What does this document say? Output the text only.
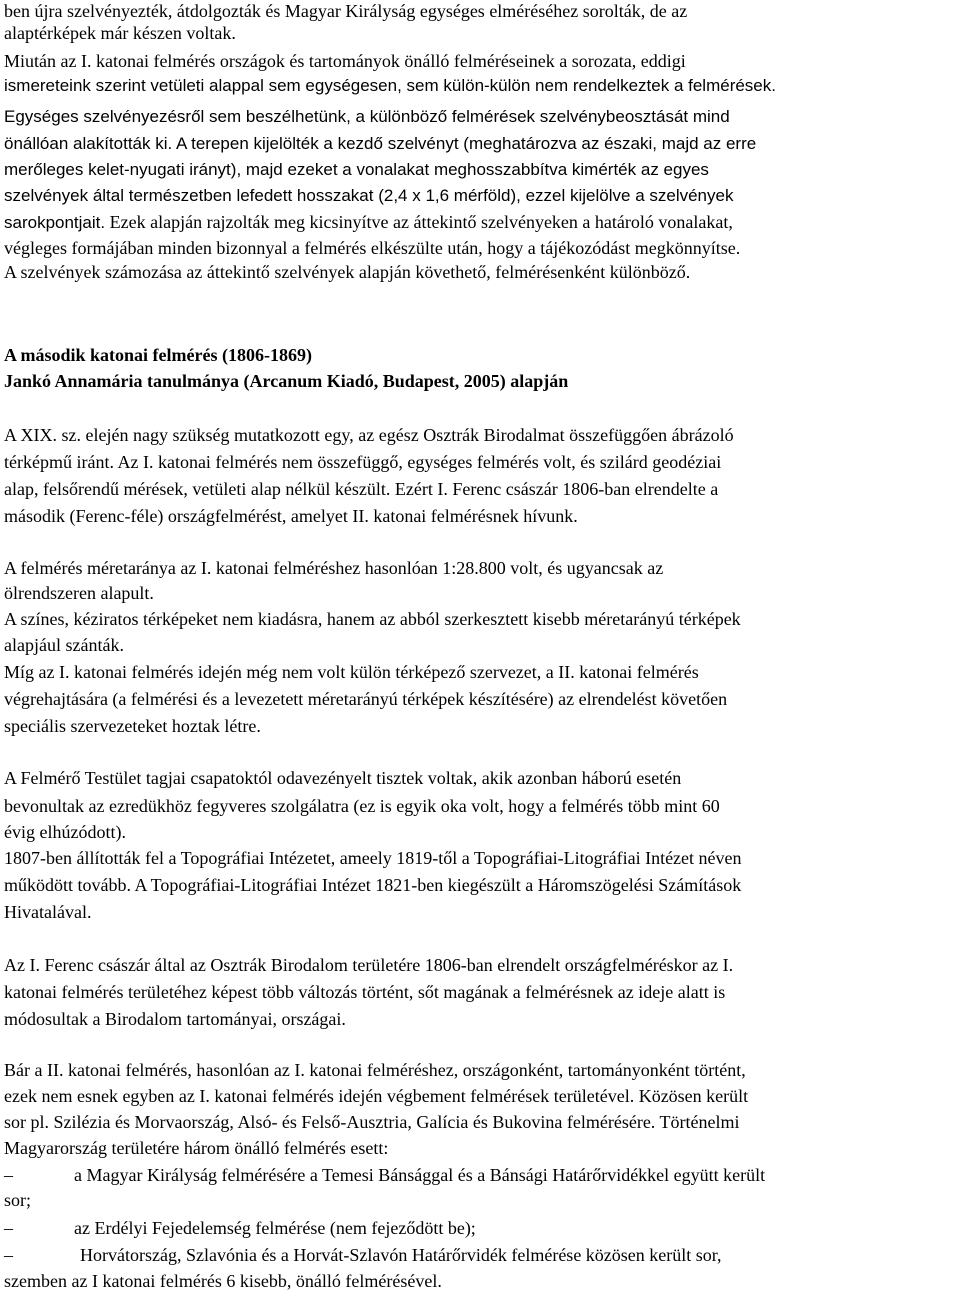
ben újra szelvényezték, átdolgozták és Magyar Királyság egységes elméréséhez sorolták, de az
alaptérképek már készen voltak.
Miután az I. katonai felmérés országok és tartományok önálló felméréseinek a sorozata, eddigi
ismereteink szerint vetületi alappal sem egységesen, sem külön-külön nem rendelkeztek a felmérések.
Egységes szelvényezésről sem beszélhetünk, a különböző felmérések szelvénybeosztását mind
önállóan alakították ki. A terepen kijelölték a kezdő szelvényt (meghatározva az északi, majd az erre
merőleges kelet-nyugati irányt), majd ezeket a vonalakat meghosszabbítva kimérték az egyes
szelvények által természetben lefedett hosszakat (2,4 x 1,6 mérföld), ezzel kijelölve a szelvények
sarokpontjait. Ezek alapján rajzolták meg kicsinyítve az áttekintő szelvényeken a határoló vonalakat,
végleges formájában minden bizonnyal a felmérés elkészülte után, hogy a tájékozódást megkönnyítse.
A szelvények számozása az áttekintő szelvények alapján követhető, felmérésenként különböző.
A második katonai felmérés (1806-1869)
Jankó Annamária tanulmánya (Arcanum Kiadó, Budapest, 2005) alapján
A XIX. sz. elején nagy szükség mutatkozott egy, az egész Osztrák Birodalmat összefüggően ábrázoló
térképmű iránt. Az I. katonai felmérés nem összefüggő, egységes felmérés volt, és szilárd geodéziai
alap, felsőrendű mérések, vetületi alap nélkül készült. Ezért I. Ferenc császár 1806-ban elrendelte a
második (Ferenc-féle) országfelmérést, amelyet II. katonai felmérésnek hívunk.
A felmérés méretaránya az I. katonai felméréshez hasonlóan 1:28.800 volt, és ugyancsak az
ölrendszeren alapult.
A színes, kéziratos térképeket nem kiadásra, hanem az abból szerkesztett kisebb méretarányú térképek
alapjául szánták.
Míg az I. katonai felmérés idején még nem volt külön térképező szervezet, a II. katonai felmérés
végrehajtására (a felmérési és a levezetett méretarányú térképek készítésére) az elrendelést követően
speciális szervezeteket hoztak létre.
A Felmérő Testület tagjai csapatoktól odavezényelt tisztek voltak, akik azonban háború esetén
bevonultak az ezredükhöz fegyveres szolgálatra (ez is egyik oka volt, hogy a felmérés több mint 60
évig elhúzódott).
1807-ben állították fel a Topográfiai Intézetet, ameely 1819-től a Topográfiai-Litográfiai Intézet néven
működött tovább. A Topográfiai-Litográfiai Intézet 1821-ben kiegészült a Háromszögelési Számítások
Hivatalával.
Az I. Ferenc császár által az Osztrák Birodalom területére 1806-ban elrendelt országfelméréskor az I.
katonai felmérés területéhez képest több változás történt, sőt magának a felmérésnek az ideje alatt is
módosultak a Birodalom tartományai, országai.
Bár a II. katonai felmérés, hasonlóan az I. katonai felméréshez, országonként, tartományonként történt,
ezek nem esnek egyben az I. katonai felmérés idején végbement felmérések területével. Közösen került
sor pl. Szilézia és Morvaország, Alsó- és Felső-Ausztria, Galícia és Bukovina felmérésére. Történelmi
Magyarország területére három önálló felmérés esett:
–	a Magyar Királyság felmérésére a Temesi Bánsággal és a Bánsági Határőrvidékkel együtt került
sor;
–	az Erdélyi Fejedelemség felmérése (nem fejeződött be);
–	Horvátország, Szlavónia és a Horvát-Szlavón Határőrvidék felmérése közösen került sor,
szemben az I katonai felmérés 6 kisebb, önálló felmérésével.
